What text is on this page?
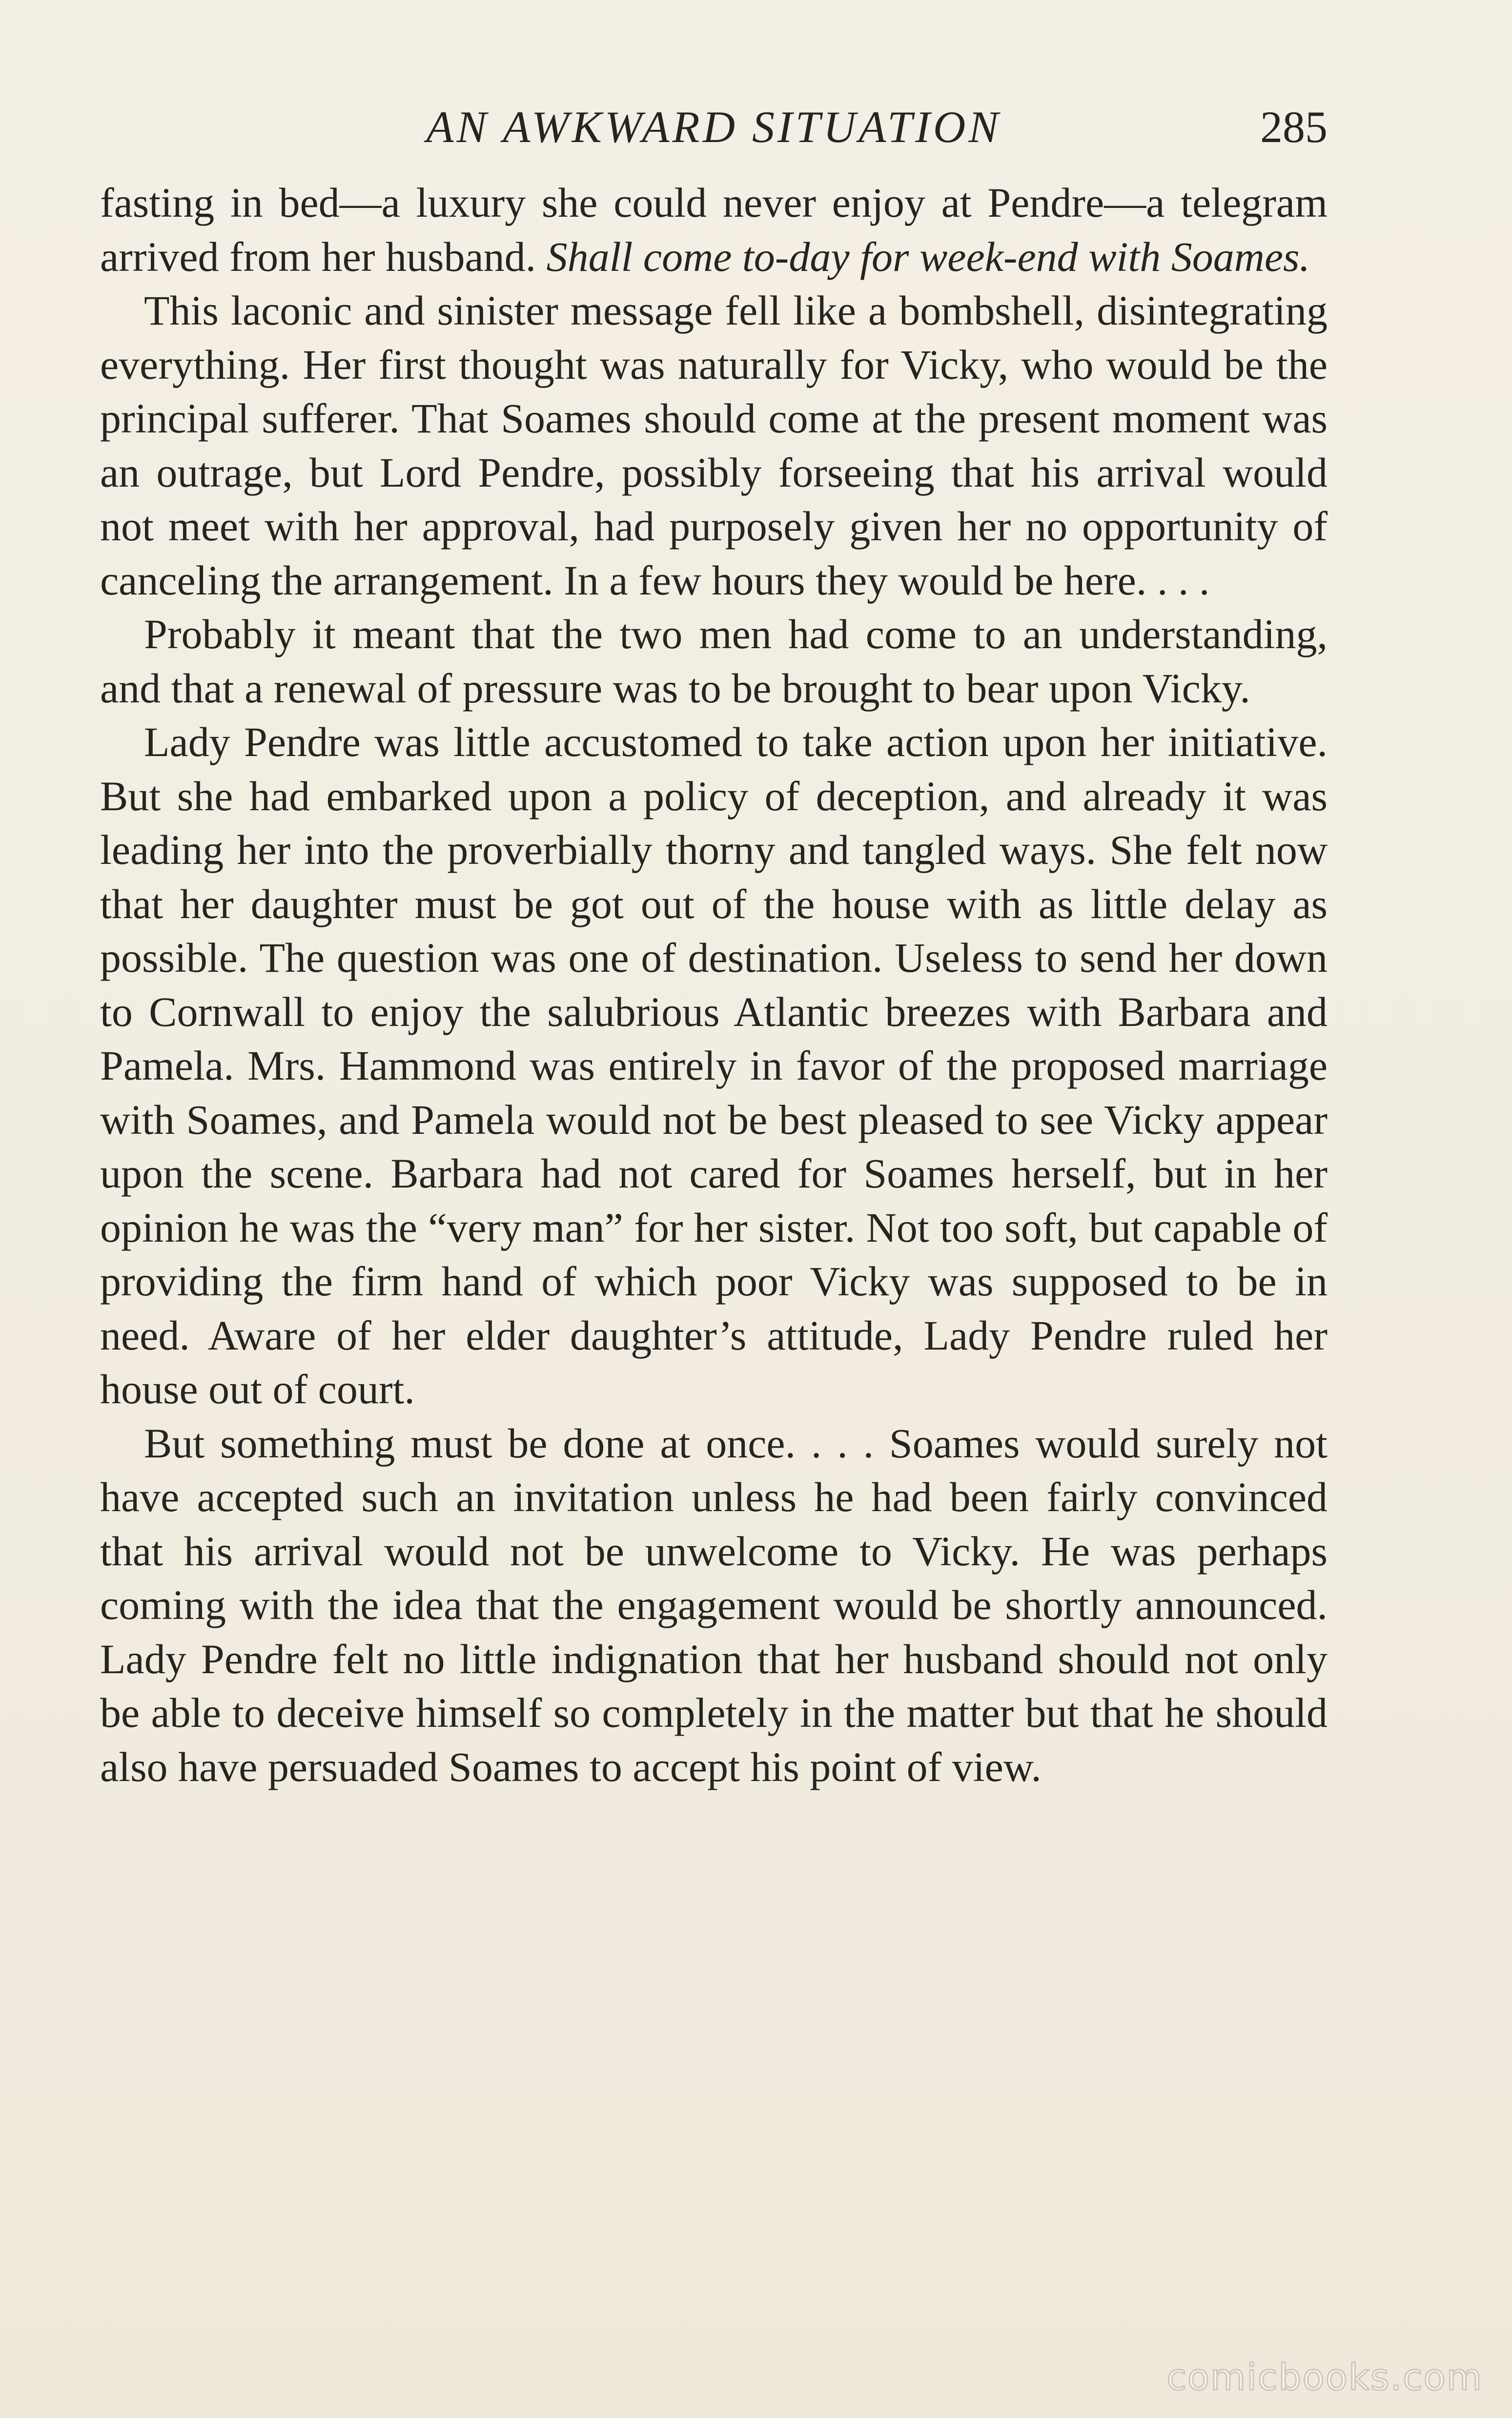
AN AWKWARD SITUATION	285

fasting in bed—a luxury she could never enjoy at Pendre—a telegram arrived from her husband. Shall come to-day for week-end with Soames.

This laconic and sinister message fell like a bombshell, disintegrating everything. Her first thought was naturally for Vicky, who would be the principal sufferer. That Soames should come at the present moment was an outrage, but Lord Pendre, possibly forseeing that his arrival would not meet with her approval, had purposely given her no opportunity of canceling the arrangement. In a few hours they would be here. . . .

Probably it meant that the two men had come to an understanding, and that a renewal of pressure was to be brought to bear upon Vicky.

Lady Pendre was little accustomed to take action upon her initiative. But she had embarked upon a policy of deception, and already it was leading her into the proverbially thorny and tangled ways. She felt now that her daughter must be got out of the house with as little delay as possible. The question was one of destination. Useless to send her down to Cornwall to enjoy the salubrious Atlantic breezes with Barbara and Pamela. Mrs. Hammond was entirely in favor of the proposed marriage with Soames, and Pamela would not be best pleased to see Vicky appear upon the scene. Barbara had not cared for Soames herself, but in her opinion he was the “very man” for her sister. Not too soft, but capable of providing the firm hand of which poor Vicky was supposed to be in need. Aware of her elder daughter’s attitude, Lady Pendre ruled her house out of court.

But something must be done at once. . . . Soames would surely not have accepted such an invitation unless he had been fairly convinced that his arrival would not be unwelcome to Vicky. He was perhaps coming with the idea that the engagement would be shortly announced. Lady Pendre felt no little indignation that her husband should not only be able to deceive himself so completely in the matter but that he should also have persuaded Soames to accept his point of view.

comicbooks.com
